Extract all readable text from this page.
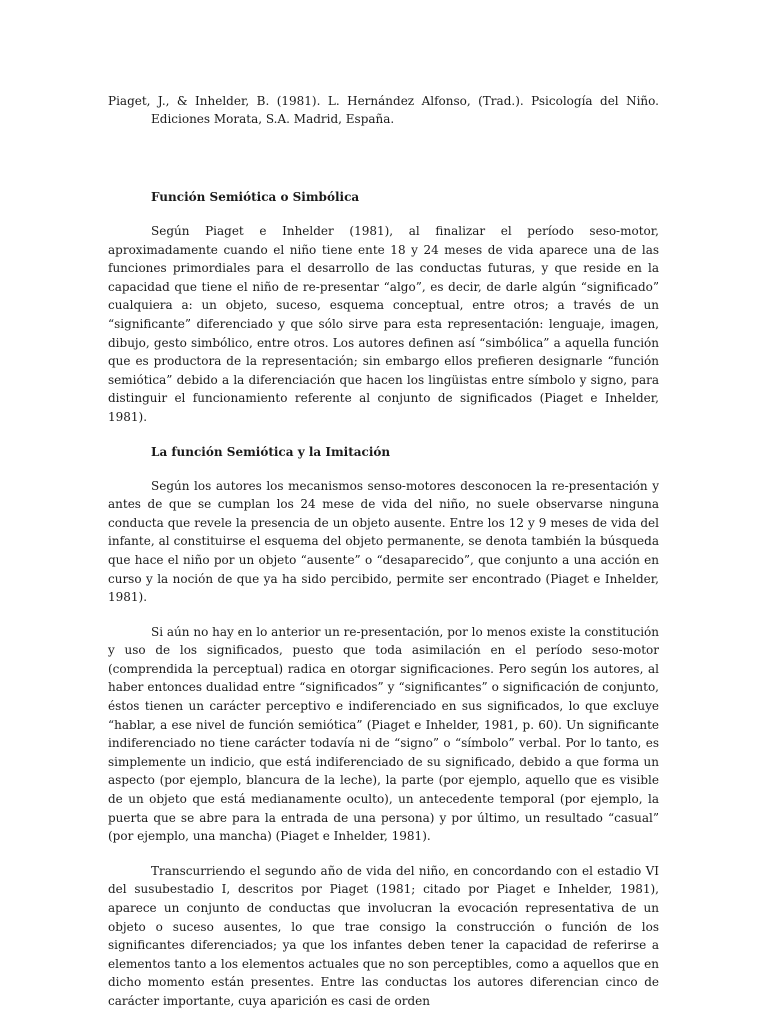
Piaget, J., & Inhelder, B. (1981). L. Hernández Alfonso, (Trad.). Psicología del Niño. Ediciones Morata, S.A. Madrid, España.

Función Semiótica o Simbólica

Según Piaget e Inhelder (1981), al finalizar el período seso-motor, aproximadamente cuando el niño tiene ente 18 y 24 meses de vida aparece una de las funciones primordiales para el desarrollo de las conductas futuras, y que reside en la capacidad que tiene el niño de re-presentar “algo”, es decir, de darle algún “significado” cualquiera a: un objeto, suceso, esquema conceptual, entre otros; a través de un “significante” diferenciado y que sólo sirve para esta representación: lenguaje, imagen, dibujo, gesto simbólico, entre otros. Los autores definen así “simbólica” a aquella función que es productora de la representación; sin embargo ellos prefieren designarle “función semiótica” debido a la diferenciación que hacen los lingüistas entre símbolo y signo, para distinguir el funcionamiento referente al conjunto de significados (Piaget e Inhelder, 1981).

La función Semiótica y la Imitación

Según los autores los mecanismos senso-motores desconocen la re-presentación y antes de que se cumplan los 24 mese de vida del niño, no suele observarse ninguna conducta que revele la presencia de un objeto ausente. Entre los 12 y 9 meses de vida del infante, al constituirse el esquema del objeto permanente, se denota también la búsqueda que hace el niño por un objeto “ausente” o “desaparecido”, que conjunto a una acción en curso y la noción de que ya ha sido percibido, permite ser encontrado (Piaget e Inhelder, 1981).

Si aún no hay en lo anterior un re-presentación, por lo menos existe la constitución y uso de los significados, puesto que toda asimilación en el período seso-motor (comprendida la perceptual) radica en otorgar significaciones. Pero según los autores, al haber entonces dualidad entre “significados” y “significantes” o significación de conjunto, éstos tienen un carácter perceptivo e indiferenciado en sus significados, lo que excluye “hablar, a ese nivel de función semiótica” (Piaget e Inhelder, 1981, p. 60). Un significante indiferenciado no tiene carácter todavía ni de “signo” o “símbolo” verbal. Por lo tanto, es simplemente un indicio, que está indiferenciado de su significado, debido a que forma un aspecto (por ejemplo, blancura de la leche), la parte (por ejemplo, aquello que es visible de un objeto que está medianamente oculto), un antecedente temporal (por ejemplo, la puerta que se abre para la entrada de una persona) y por último, un resultado “casual” (por ejemplo, una mancha) (Piaget e Inhelder, 1981).

Transcurriendo el segundo año de vida del niño, en concordando con el estadio VI del susubestadio I, descritos por Piaget (1981; citado por Piaget e Inhelder, 1981), aparece un conjunto de conductas que involucran la evocación representativa de un objeto o suceso ausentes, lo que trae consigo la construcción o función de los significantes diferenciados; ya que los infantes deben tener la capacidad de referirse a elementos tanto a los elementos actuales que no son perceptibles, como a aquellos que en dicho momento están presentes. Entre las conductas los autores diferencian cinco de carácter importante, cuya aparición es casi de orden
